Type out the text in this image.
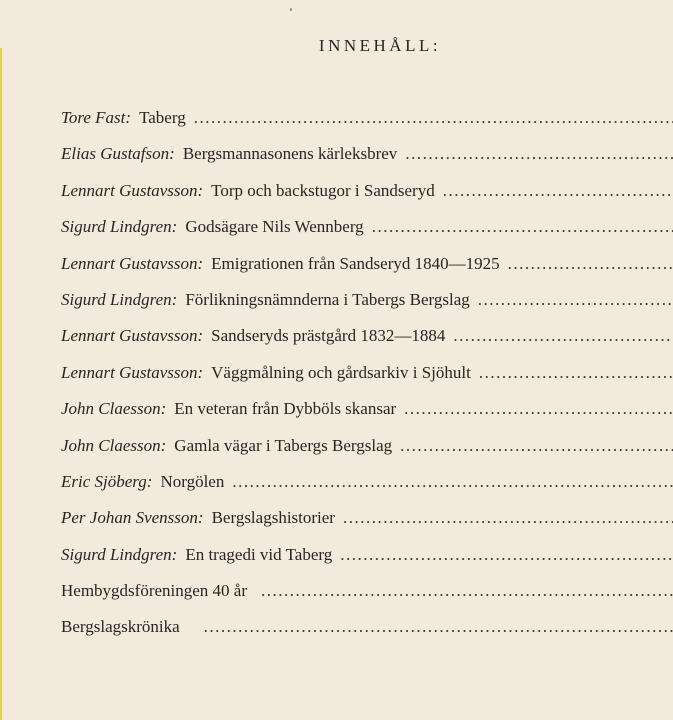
INNEHÅLL:
Tore Fast: Taberg
.....
Elias Gustafson: Bergsmannasonens kärleksbrev
.....
Lennart Gustavsson: Torp och backstugor i Sandseryd
.....
Sigurd Lindgren: Godsägare Nils Wennberg
.....
Lennart Gustavsson: Emigrationen från Sandseryd 1840—1925
.....
Sigurd Lindgren: Förlikningsnämnderna i Tabergs Bergslag
.....
Lennart Gustavsson: Sandseryds prästgård 1832—1884
.....
Lennart Gustavsson: Väggmålning och gårdsarkiv i Sjöhult
.....
John Claesson: En veteran från Dybböls skansar
.....
John Claesson: Gamla vägar i Tabergs Bergslag
.....
Eric Sjöberg: Norgölen
.....
Per Johan Svensson: Bergslagshistorier
.....
Sigurd Lindgren: En tragedi vid Taberg
.....
Hembygdsföreningen 40 år
.....
Bergslagskrönika
.....
